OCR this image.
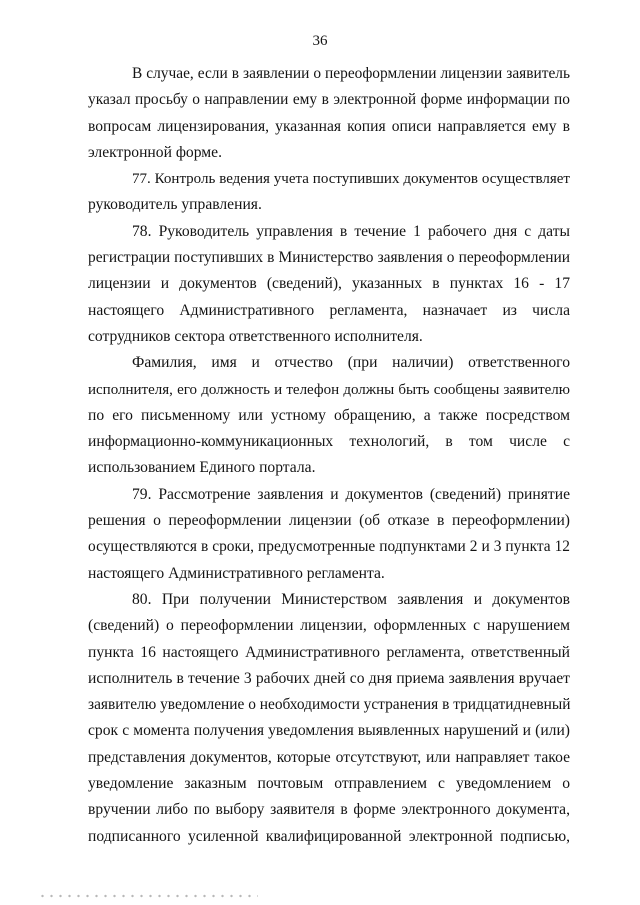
36
В случае, если в заявлении о переоформлении лицензии заявитель
указал просьбу о направлении ему в электронной форме информации по
вопросам лицензирования, указанная копия описи направляется ему в
электронной форме.
77. Контроль ведения учета поступивших документов осуществляет
руководитель управления.
78. Руководитель управления в течение 1 рабочего дня с даты
регистрации поступивших в Министерство заявления о переоформлении
лицензии и документов (сведений), указанных в пунктах 16 - 17
настоящего Административного регламента, назначает из числа
сотрудников сектора ответственного исполнителя.
Фамилия, имя и отчество (при наличии) ответственного
исполнителя, его должность и телефон должны быть сообщены заявителю
по его письменному или устному обращению, а также посредством
информационно-коммуникационных технологий, в том числе с
использованием Единого портала.
79. Рассмотрение заявления и документов (сведений) принятие
решения о переоформлении лицензии (об отказе в переоформлении)
осуществляются в сроки, предусмотренные подпунктами 2 и 3 пункта 12
настоящего Административного регламента.
80. При получении Министерством заявления и документов
(сведений) о переоформлении лицензии, оформленных с нарушением
пункта 16 настоящего Административного регламента, ответственный
исполнитель в течение 3 рабочих дней со дня приема заявления вручает
заявителю уведомление о необходимости устранения в тридцатидневный
срок с момента получения уведомления выявленных нарушений и (или)
представления документов, которые отсутствуют, или направляет такое
уведомление заказным почтовым отправлением с уведомлением о
вручении либо по выбору заявителя в форме электронного документа,
подписанного усиленной квалифицированной электронной подписью,
